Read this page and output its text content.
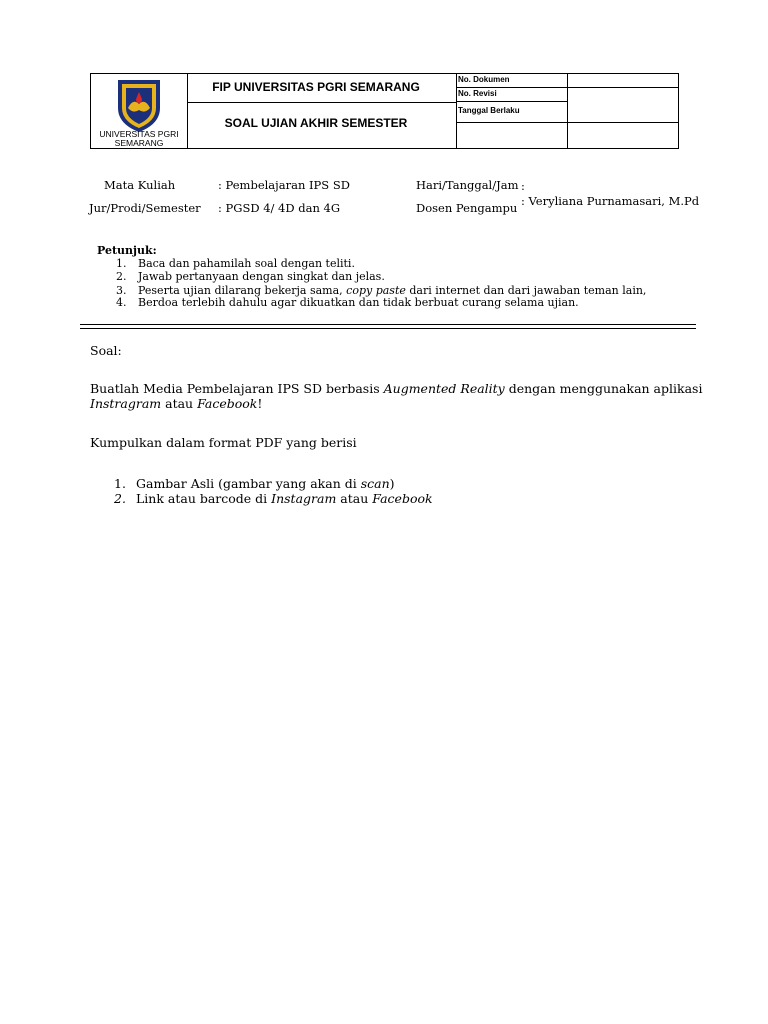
UNIVERSITAS PGRI
SEMARANG
FIP UNIVERSITAS PGRI SEMARANG
SOAL UJIAN AKHIR SEMESTER
No. Dokumen
No. Revisi
Tanggal Berlaku
Mata Kuliah	: Pembelajaran IPS SD	Hari/Tanggal/Jam :
Jur/Prodi/Semester : PGSD 4/ 4D dan 4G	Dosen Pengampu : Veryliana Purnamasari, M.Pd
Petunjuk:
1. Baca dan pahamilah soal dengan teliti.
2. Jawab pertanyaan dengan singkat dan jelas.
3. Peserta ujian dilarang bekerja sama, copy paste dari internet dan dari jawaban teman lain,
4. Berdoa terlebih dahulu agar dikuatkan dan tidak berbuat curang selama ujian.
Soal:
Buatlah Media Pembelajaran IPS SD berbasis Augmented Reality dengan menggunakan aplikasi
Instragram atau Facebook!
Kumpulkan dalam format PDF yang berisi
1. Gambar Asli (gambar yang akan di scan)
2. Link atau barcode di Instagram atau Facebook
